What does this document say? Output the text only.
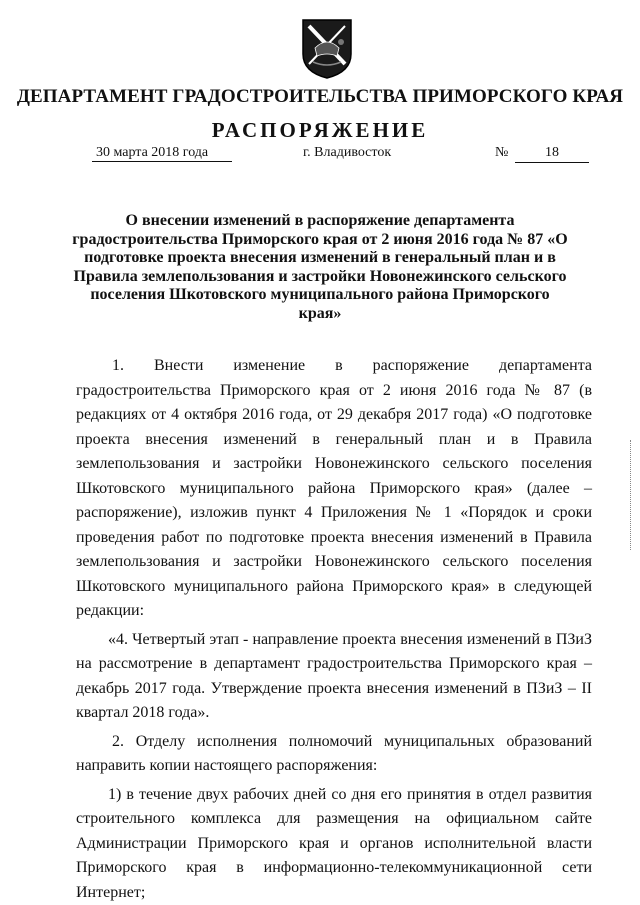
ДЕПАРТАМЕНТ ГРАДОСТРОИТЕЛЬСТВА ПРИМОРСКОГО КРАЯ
РАСПОРЯЖЕНИЕ
30 марта 2018 года	г. Владивосток	№	18
О внесении изменений в распоряжение департамента градостроительства Приморского края от 2 июня 2016 года № 87 «О подготовке проекта внесения изменений в генеральный план и в Правила землепользования и застройки Новонежинского сельского поселения Шкотовского муниципального района Приморского края»

1. Внести изменение в распоряжение департамента градостроительства Приморского края от 2 июня 2016 года № 87 (в редакциях от 4 октября 2016 года, от 29 декабря 2017 года) «О подготовке проекта внесения изменений в генеральный план и в Правила землепользования и застройки Новонежинского сельского поселения Шкотовского муниципального района Приморского края» (далее – распоряжение), изложив пункт 4 Приложения № 1 «Порядок и сроки проведения работ по подготовке проекта внесения изменений в Правила землепользования и застройки Новонежинского сельского поселения Шкотовского муниципального района Приморского края» в следующей редакции:

«4. Четвертый этап - направление проекта внесения изменений в ПЗиЗ на рассмотрение в департамент градостроительства Приморского края – декабрь 2017 года. Утверждение проекта внесения изменений в ПЗиЗ – II квартал 2018 года».

2. Отделу исполнения полномочий муниципальных образований направить копии настоящего распоряжения:

1) в течение двух рабочих дней со дня его принятия в отдел развития строительного комплекса для размещения на официальном сайте Администрации Приморского края и органов исполнительной власти Приморского края в информационно-телекоммуникационной сети Интернет;
